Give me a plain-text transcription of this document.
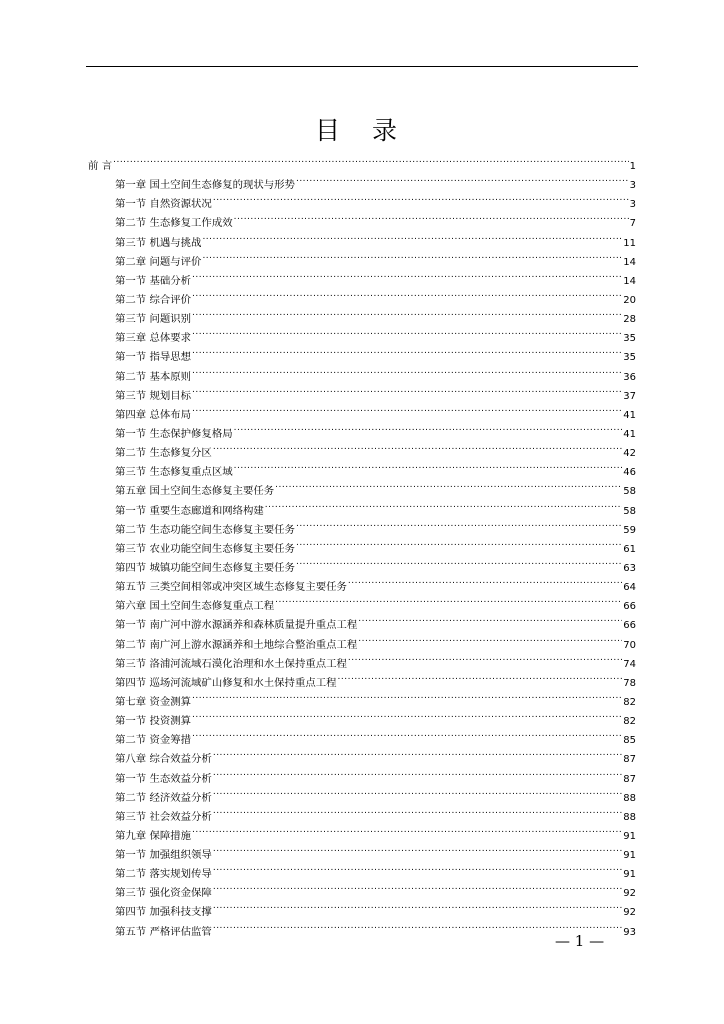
目 录
前 言 .....	1
第一章 国土空间生态修复的现状与形势 .....	3
第一节 自然资源状况 .....	3
第二节 生态修复工作成效 .....	7
第三节 机遇与挑战 .....	11
第二章 问题与评价 .....	14
第一节 基础分析 .....	14
第二节 综合评价 .....	20
第三节 问题识别 .....	28
第三章 总体要求 .....	35
第一节 指导思想 .....	35
第二节 基本原则 .....	36
第三节 规划目标 .....	37
第四章 总体布局 .....	41
第一节 生态保护修复格局 .....	41
第二节 生态修复分区 .....	42
第三节 生态修复重点区域 .....	46
第五章 国土空间生态修复主要任务 .....	58
第一节 重要生态廊道和网络构建 .....	58
第二节 生态功能空间生态修复主要任务 .....	59
第三节 农业功能空间生态修复主要任务 .....	61
第四节 城镇功能空间生态修复主要任务 .....	63
第五节 三类空间相邻或冲突区域生态修复主要任务 .....	64
第六章 国土空间生态修复重点工程 .....	66
第一节 南广河中游水源涵养和森林质量提升重点工程 .....	66
第二节 南广河上游水源涵养和土地综合整治重点工程 .....	70
第三节 洛浦河流域石漠化治理和水土保持重点工程 .....	74
第四节 巡场河流域矿山修复和水土保持重点工程 .....	78
第七章 资金测算 .....	82
第一节 投资测算 .....	82
第二节 资金筹措 .....	85
第八章 综合效益分析 .....	87
第一节 生态效益分析 .....	87
第二节 经济效益分析 .....	88
第三节 社会效益分析 .....	88
第九章 保障措施 .....	91
第一节 加强组织领导 .....	91
第二节 落实规划传导 .....	91
第三节 强化资金保障 .....	92
第四节 加强科技支撑 .....	92
第五节 严格评估监管 .....	93
— 1 —
